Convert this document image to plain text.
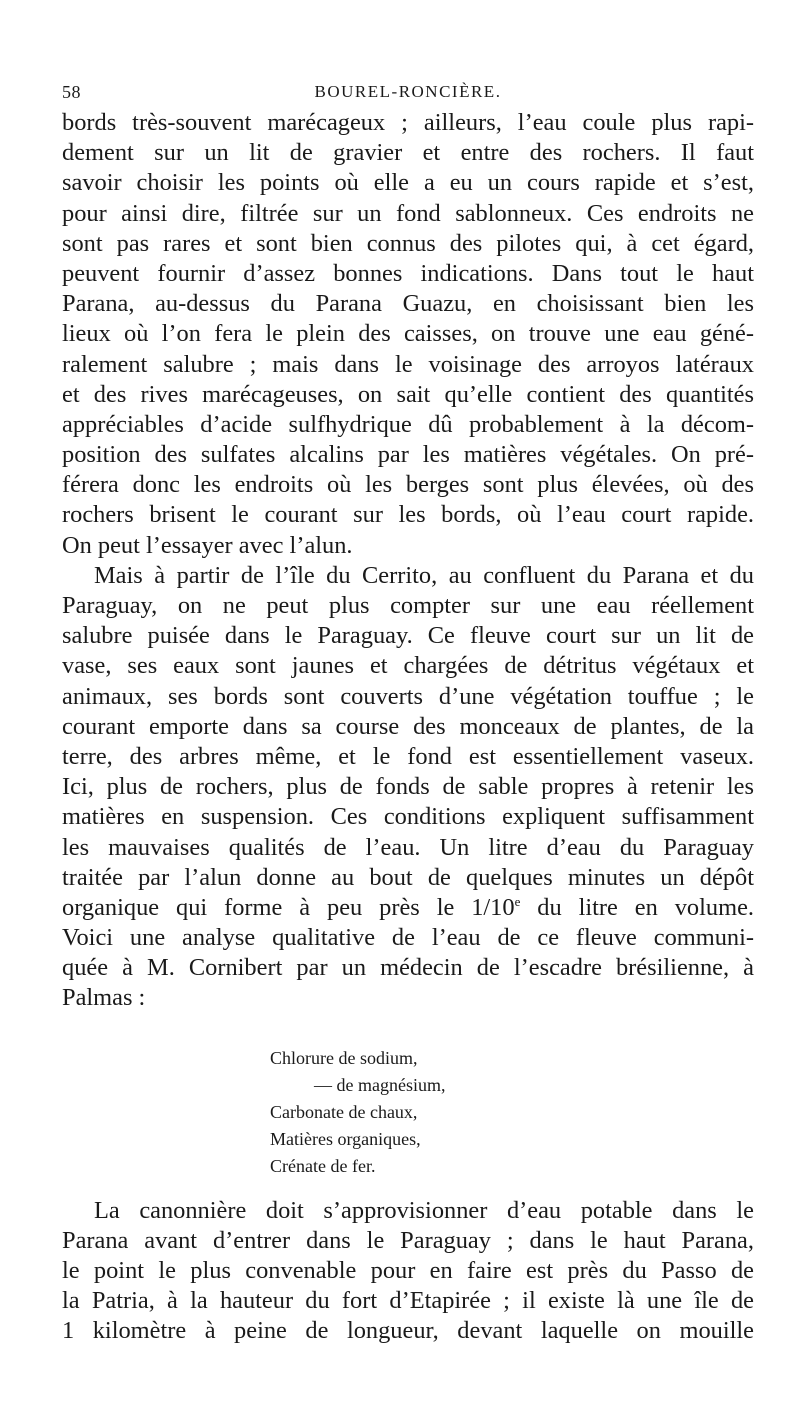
58	BOUREL-RONCIÈRE.

bords très-souvent marécageux ; ailleurs, l’eau coule plus rapi-
dement sur un lit de gravier et entre des rochers. Il faut
savoir choisir les points où elle a eu un cours rapide et s’est,
pour ainsi dire, filtrée sur un fond sablonneux. Ces endroits ne
sont pas rares et sont bien connus des pilotes qui, à cet égard,
peuvent fournir d’assez bonnes indications. Dans tout le haut
Parana, au-dessus du Parana Guazu, en choisissant bien les
lieux où l’on fera le plein des caisses, on trouve une eau géné-
ralement salubre ; mais dans le voisinage des arroyos latéraux
et des rives marécageuses, on sait qu’elle contient des quantités
appréciables d’acide sulfhydrique dû probablement à la décom-
position des sulfates alcalins par les matières végétales. On pré-
férera donc les endroits où les berges sont plus élevées, où des
rochers brisent le courant sur les bords, où l’eau court rapide.
On peut l’essayer avec l’alun.

Mais à partir de l’île du Cerrito, au confluent du Parana et du
Paraguay, on ne peut plus compter sur une eau réellement
salubre puisée dans le Paraguay. Ce fleuve court sur un lit de
vase, ses eaux sont jaunes et chargées de détritus végétaux et
animaux, ses bords sont couverts d’une végétation touffue ; le
courant emporte dans sa course des monceaux de plantes, de la
terre, des arbres même, et le fond est essentiellement vaseux.
Ici, plus de rochers, plus de fonds de sable propres à retenir les
matières en suspension. Ces conditions expliquent suffisamment
les mauvaises qualités de l’eau. Un litre d’eau du Paraguay
traitée par l’alun donne au bout de quelques minutes un dépôt
organique qui forme à peu près le 1/10e du litre en volume.
Voici une analyse qualitative de l’eau de ce fleuve communi-
quée à M. Cornibert par un médecin de l’escadre brésilienne, à
Palmas :

Chlorure de sodium,
— de magnésium,
Carbonate de chaux,
Matières organiques,
Crénate de fer.

La canonnière doit s’approvisionner d’eau potable dans le
Parana avant d’entrer dans le Paraguay ; dans le haut Parana,
le point le plus convenable pour en faire est près du Passo de
la Patria, à la hauteur du fort d’Etapirée ; il existe là une île de
1 kilomètre à peine de longueur, devant laquelle on mouille
